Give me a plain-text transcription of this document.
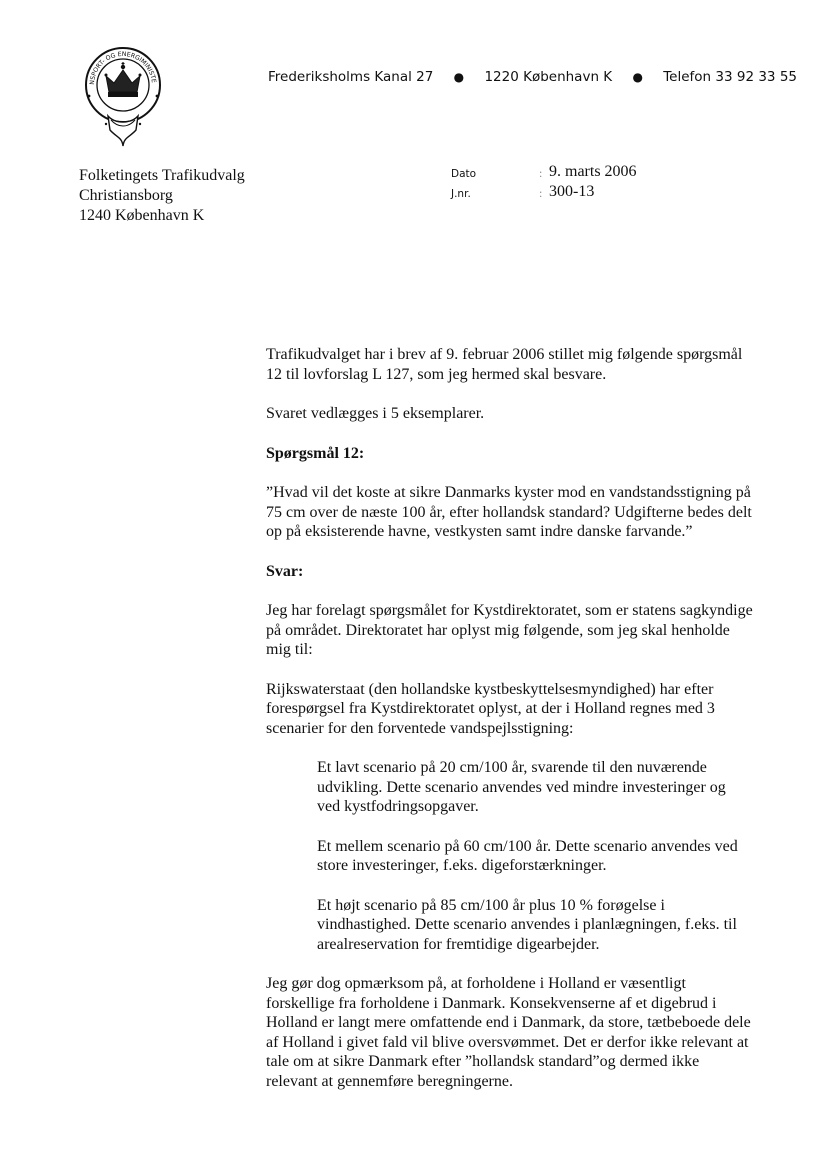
NSPORT- OG ENERGIMINISTE	Frederiksholms Kanal 27 ● 1220 København K ● Telefon 33 92 33 55
Folketingets Trafikudvalg
Christiansborg
1240 København K
Dato	: 9. marts 2006
J.nr.	: 300-13

Trafikudvalget har i brev af 9. februar 2006 stillet mig følgende spørgsmål 12 til lovforslag L 127, som jeg hermed skal besvare.

Svaret vedlægges i 5 eksemplarer.

Spørgsmål 12:

”Hvad vil det koste at sikre Danmarks kyster mod en vandstandsstigning på 75 cm over de næste 100 år, efter hollandsk standard? Udgifterne bedes delt op på eksisterende havne, vestkysten samt indre danske farvande.”

Svar:

Jeg har forelagt spørgsmålet for Kystdirektoratet, som er statens sagkyndige på området. Direktoratet har oplyst mig følgende, som jeg skal henholde mig til:

Rijkswaterstaat (den hollandske kystbeskyttelsesmyndighed) har efter forespørgsel fra Kystdirektoratet oplyst, at der i Holland regnes med 3 scenarier for den forventede vandspejlsstigning:

Et lavt scenario på 20 cm/100 år, svarende til den nuværende udvikling. Dette scenario anvendes ved mindre investeringer og ved kystfodringsopgaver.

Et mellem scenario på 60 cm/100 år. Dette scenario anvendes ved store investeringer, f.eks. digeforstærkninger.

Et højt scenario på 85 cm/100 år plus 10 % forøgelse i vindhastighed. Dette scenario anvendes i planlægningen, f.eks. til arealreservation for fremtidige digearbejder.

Jeg gør dog opmærksom på, at forholdene i Holland er væsentligt forskellige fra forholdene i Danmark. Konsekvenserne af et digebrud i Holland er langt mere omfattende end i Danmark, da store, tætbeboede dele af Holland i givet fald vil blive oversvømmet. Det er derfor ikke relevant at tale om at sikre Danmark efter ”hollandsk standard”og dermed ikke relevant at gennemføre beregningerne.
